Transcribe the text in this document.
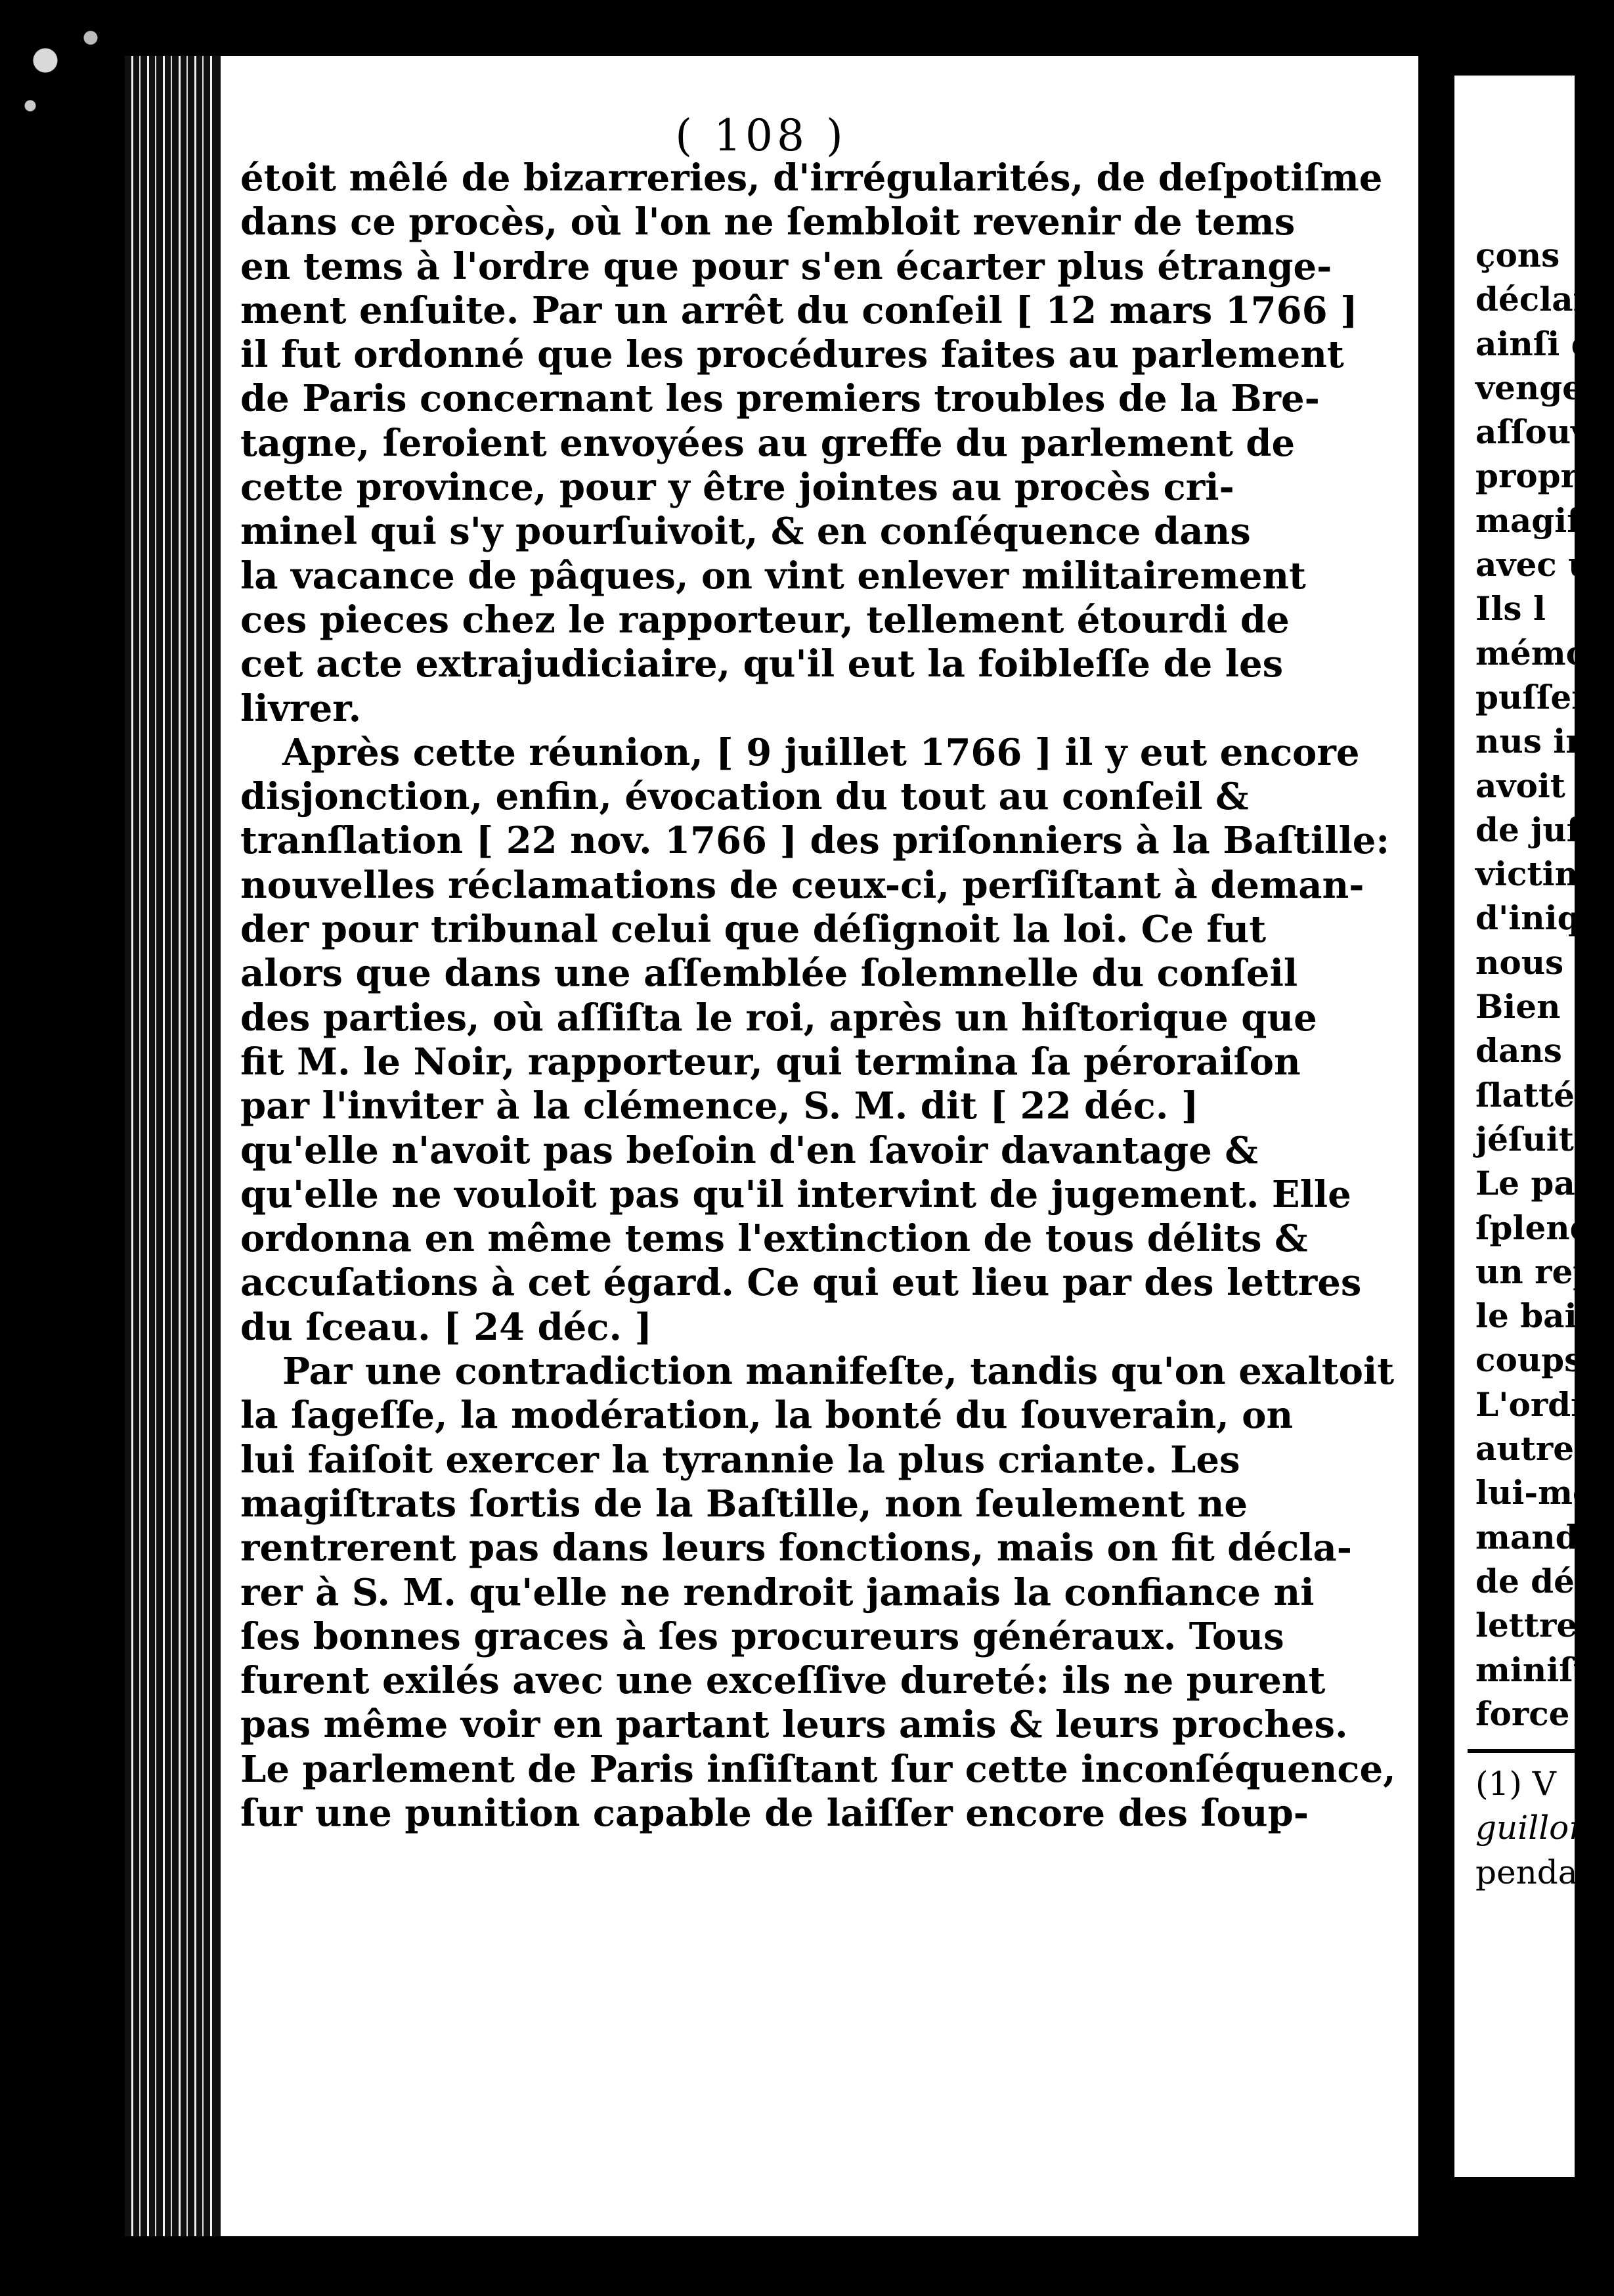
çons
déclar
ainſi q
vengea
aſſouvi
propre
magiſt
avec u
Ils l
mémoi
puſſen
nus in
avoit f
de juſt
victime
d'iniqu
nous r
Bien
dans l
ſlatté l
jéſuitic
Le par
ſplende
un rep
le baill
coups c
L'ordr
autres
lui-mê
manda
de déla
lettres
miniſtr
force d
(1) V
guillon
pendan
( 108 )
étoit mêlé de bizarreries, d'irrégularités, de deſpotiſme
dans ce procès, où l'on ne ſembloit revenir de tems
en tems à l'ordre que pour s'en écarter plus étrange-
ment enſuite. Par un arrêt du conſeil [ 12 mars 1766 ]
il fut ordonné que les procédures faites au parlement
de Paris concernant les premiers troubles de la Bre-
tagne, ſeroient envoyées au greffe du parlement de
cette province, pour y être jointes au procès cri-
minel qui s'y pourſuivoit, & en conſéquence dans
la vacance de pâques, on vint enlever militairement
ces pieces chez le rapporteur, tellement étourdi de
cet acte extrajudiciaire, qu'il eut la foibleſſe de les
livrer.
Après cette réunion, [ 9 juillet 1766 ] il y eut encore
disjonction, enfin, évocation du tout au conſeil &
tranſlation [ 22 nov. 1766 ] des priſonniers à la Baſtille:
nouvelles réclamations de ceux-ci, perſiſtant à deman-
der pour tribunal celui que déſignoit la loi. Ce fut
alors que dans une aſſemblée ſolemnelle du conſeil
des parties, où aſſiſta le roi, après un hiſtorique que
fit M. le Noir, rapporteur, qui termina ſa péroraiſon
par l'inviter à la clémence, S. M. dit [ 22 déc. ]
qu'elle n'avoit pas beſoin d'en ſavoir davantage &
qu'elle ne vouloit pas qu'il intervint de jugement. Elle
ordonna en même tems l'extinction de tous délits &
accuſations à cet égard. Ce qui eut lieu par des lettres
du ſceau. [ 24 déc. ]
Par une contradiction manifeſte, tandis qu'on exaltoit
la ſageſſe, la modération, la bonté du ſouverain, on
lui faiſoit exercer la tyrannie la plus criante. Les
magiſtrats ſortis de la Baſtille, non ſeulement ne
rentrerent pas dans leurs fonctions, mais on fit décla-
rer à S. M. qu'elle ne rendroit jamais la confiance ni
ſes bonnes graces à ſes procureurs généraux. Tous
furent exilés avec une exceſſive dureté: ils ne purent
pas même voir en partant leurs amis & leurs proches.
Le parlement de Paris inſiſtant ſur cette inconſéquence,
ſur une punition capable de laiſſer encore des ſoup-
